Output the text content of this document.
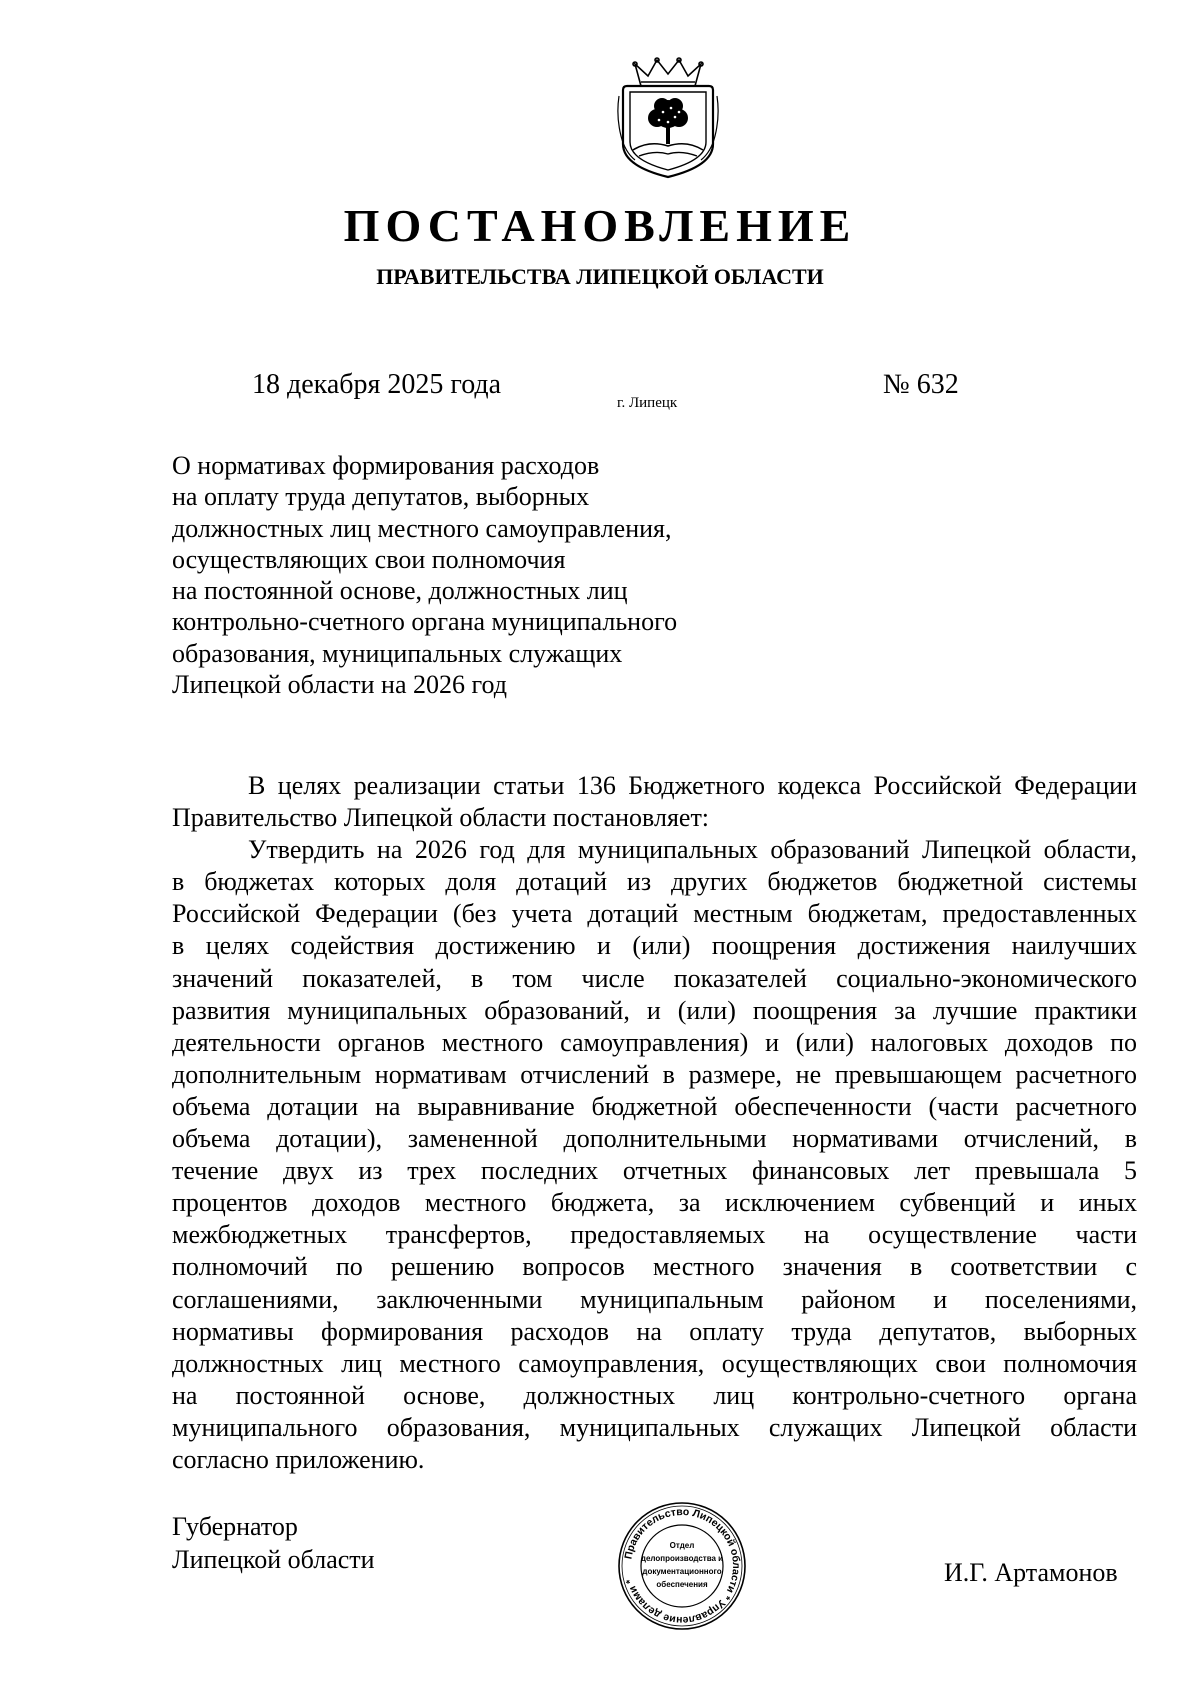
ПОСТАНОВЛЕНИЕ
ПРАВИТЕЛЬСТВА ЛИПЕЦКОЙ ОБЛАСТИ
18 декабря 2025 года
г. Липецк
№ 632
О нормативах формирования расходов
на оплату труда депутатов, выборных
должностных лиц местного самоуправления,
осуществляющих свои полномочия
на постоянной основе, должностных лиц
контрольно-счетного органа муниципального
образования, муниципальных служащих
Липецкой области на 2026 год
В целях реализации статьи 136 Бюджетного кодекса Российской Федерации
Правительство Липецкой области постановляет:
Утвердить на 2026 год для муниципальных образований Липецкой области,
в бюджетах которых доля дотаций из других бюджетов бюджетной системы
Российской Федерации (без учета дотаций местным бюджетам, предоставленных
в целях содействия достижению и (или) поощрения достижения наилучших
значений показателей, в том числе показателей социально-экономического
развития муниципальных образований, и (или) поощрения за лучшие практики
деятельности органов местного самоуправления) и (или) налоговых доходов по
дополнительным нормативам отчислений в размере, не превышающем расчетного
объема дотации на выравнивание бюджетной обеспеченности (части расчетного
объема дотации), замененной дополнительными нормативами отчислений, в
течение двух из трех последних отчетных финансовых лет превышала 5
процентов доходов местного бюджета, за исключением субвенций и иных
межбюджетных трансфертов, предоставляемых на осуществление части
полномочий по решению вопросов местного значения в соответствии с
соглашениями, заключенными муниципальным районом и поселениями,
нормативы формирования расходов на оплату труда депутатов, выборных
должностных лиц местного самоуправления, осуществляющих свои полномочия
на постоянной основе, должностных лиц контрольно-счетного органа
муниципального образования, муниципальных служащих Липецкой области
согласно приложению.
Губернатор
Липецкой области	И.Г. Артамонов
Правительство Липецкой области * Управление делами *
Отдел
делопроизводства и
документационного
обеспечения
